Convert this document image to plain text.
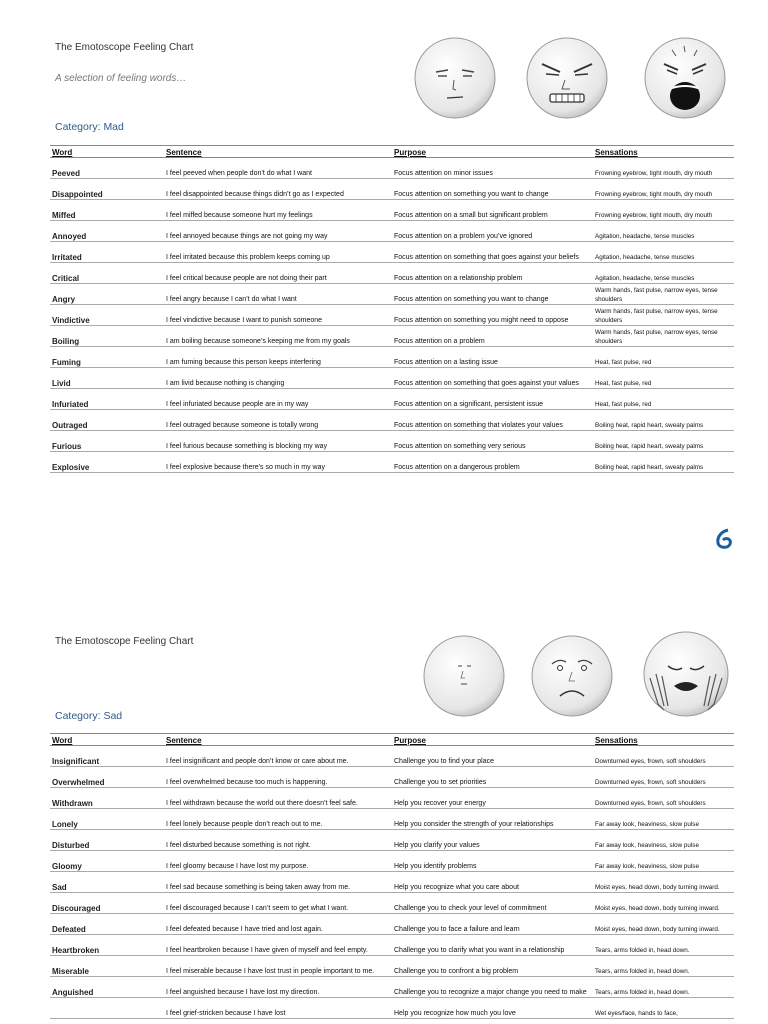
The Emotoscope Feeling Chart
A selection of feeling words…
Category: Mad
Word	Sentence	Purpose	Sensations
Peeved	I feel peeved when people don’t do what I want	Focus attention on minor issues	Frowning eyebrow, tight mouth, dry mouth
Disappointed	I feel disappointed because things didn’t go as I expected	Focus attention on something you want to change	Frowning eyebrow, tight mouth, dry mouth
Miffed	I feel miffed because someone hurt my feelings	Focus attention on a small but significant problem	Frowning eyebrow, tight mouth, dry mouth
Annoyed	I feel annoyed because things are not going my way	Focus attention on a problem you’ve ignored	Agitation, headache, tense muscles
Irritated	I feel irritated because this problem keeps coming up	Focus attention on something that goes against your beliefs	Agitation, headache, tense muscles
Critical	I feel critical because people are not doing their part	Focus attention on a relationship problem	Agitation, headache, tense muscles
Angry	I feel angry because I can’t do what I want	Focus attention on something you want to change	Warm hands, fast pulse, narrow eyes, tense shoulders
Vindictive	I feel vindictive because I want to punish someone	Focus attention on something you might need to oppose	Warm hands, fast pulse, narrow eyes, tense shoulders
Boiling	I am boiling because someone’s keeping me from my goals	Focus attention on a problem	Warm hands, fast pulse, narrow eyes, tense shoulders
Fuming	I am fuming because this person keeps interfering	Focus attention on a lasting issue	Heat, fast pulse, red
Livid	I am livid because nothing is changing	Focus attention on something that goes against your values	Heat, fast pulse, red
Infuriated	I feel infuriated because people are in my way	Focus attention on a significant, persistent issue	Heat, fast pulse, red
Outraged	I feel outraged because someone is totally wrong	Focus attention on something that violates your values	Boiling heat, rapid heart, sweaty palms
Furious	I feel furious because something is blocking my way	Focus attention on something very serious	Boiling heat, rapid heart, sweaty palms
Explosive	I feel explosive because there’s so much in my way	Focus attention on a dangerous problem	Boiling heat, rapid heart, sweaty palms
The Emotoscope Feeling Chart
Category: Sad
Word	Sentence	Purpose	Sensations
Insignificant	I feel insignificant and people don’t know or care about me.	Challenge you to find your place	Downturned eyes, frown, soft shoulders
Overwhelmed	I feel overwhelmed because too much is happening.	Challenge you to set priorities	Downturned eyes, frown, soft shoulders
Withdrawn	I feel withdrawn because the world out there doesn’t feel safe.	Help you recover your energy	Downturned eyes, frown, soft shoulders
Lonely	I feel lonely because people don’t reach out to me.	Help you consider the strength of your relationships	Far away look, heaviness, slow pulse
Disturbed	I feel disturbed because something is not right.	Help you clarify your values	Far away look, heaviness, slow pulse
Gloomy	I feel gloomy because I have lost my purpose.	Help you identify problems	Far away look, heaviness, slow pulse
Sad	I feel sad because something is being taken away from me.	Help you recognize what you care about	Moist eyes, head down, body turning inward.
Discouraged	I feel discouraged because I can’t seem to get what I want.	Challenge you to check your level of commitment	Moist eyes, head down, body turning inward.
Defeated	I feel defeated because I have tried and lost again.	Challenge you to face a failure and learn	Moist eyes, head down, body turning inward.
Heartbroken	I feel heartbroken because I have given of myself and feel empty.	Challenge you to clarify what you want in a relationship	Tears, arms folded in, head down.
Miserable	I feel miserable because I have lost trust in people important to me.	Challenge you to confront a big problem	Tears, arms folded in, head down.
Anguished	I feel anguished because I have lost my direction.	Challenge you to recognize a major change you need to make	Tears, arms folded in, head down.
	I feel grief-stricken because I have lost	Help you recognize how much you love	Wet eyes/face, hands to face,
